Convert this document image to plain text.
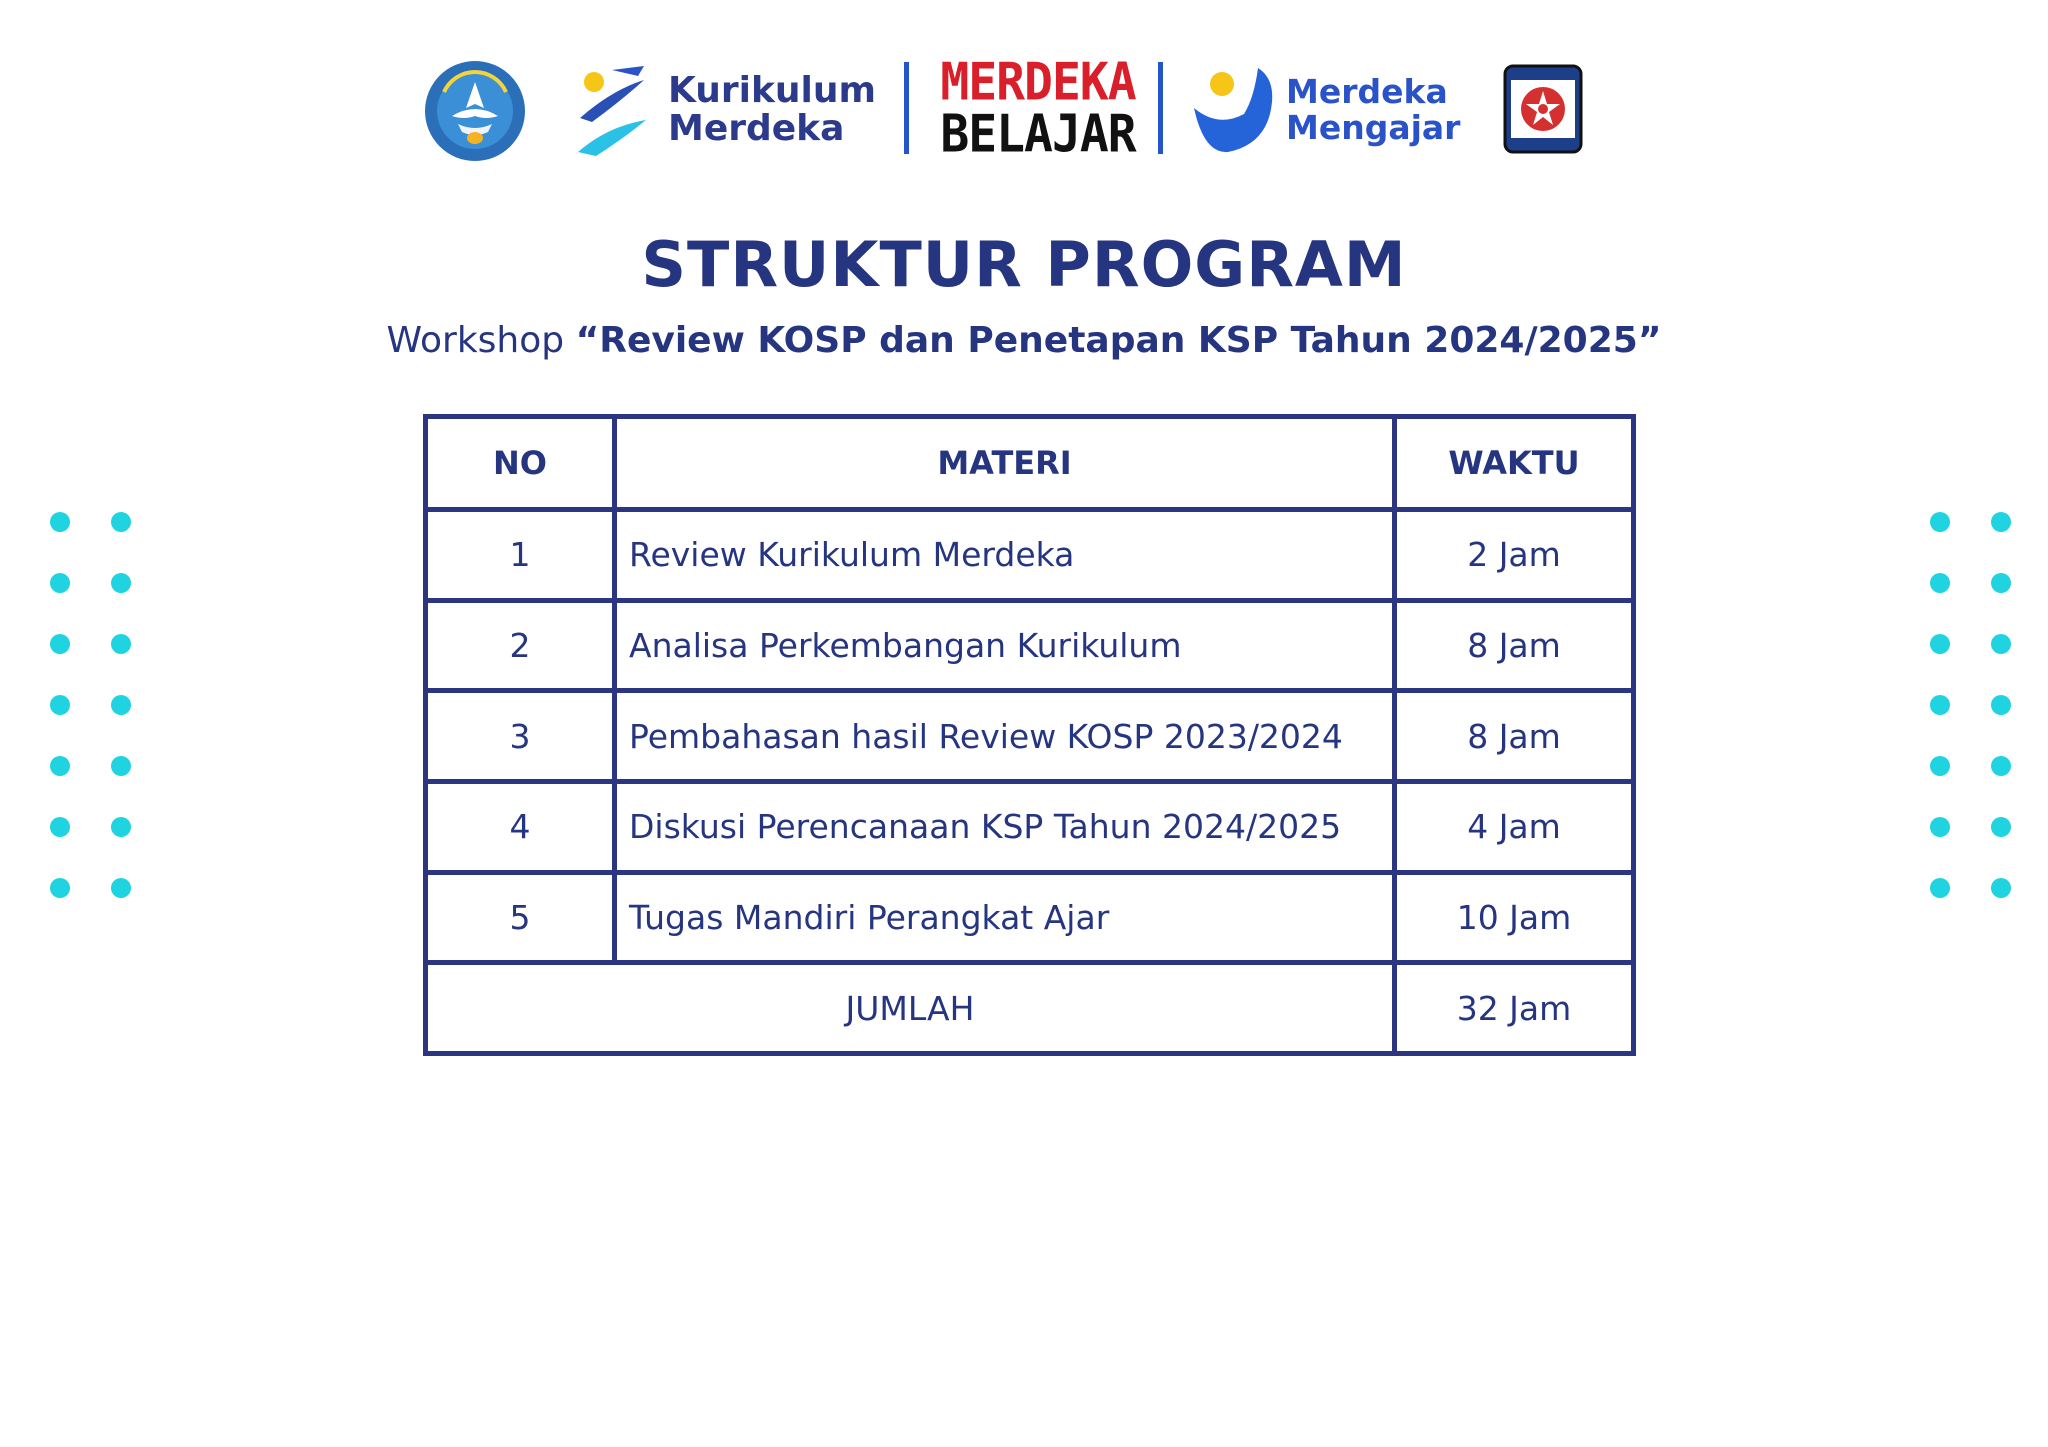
Kurikulum
Merdeka
MERDEKA
BELAJAR
Merdeka
Mengajar
STRUKTUR PROGRAM
Workshop “Review KOSP dan Penetapan KSP Tahun 2024/2025”
NO	MATERI	WAKTU
1	Review Kurikulum Merdeka	2 Jam
2	Analisa Perkembangan Kurikulum	8 Jam
3	Pembahasan hasil Review KOSP 2023/2024	8 Jam
4	Diskusi Perencanaan KSP Tahun 2024/2025	4 Jam
5	Tugas Mandiri Perangkat Ajar	10 Jam
JUMLAH		32 Jam
